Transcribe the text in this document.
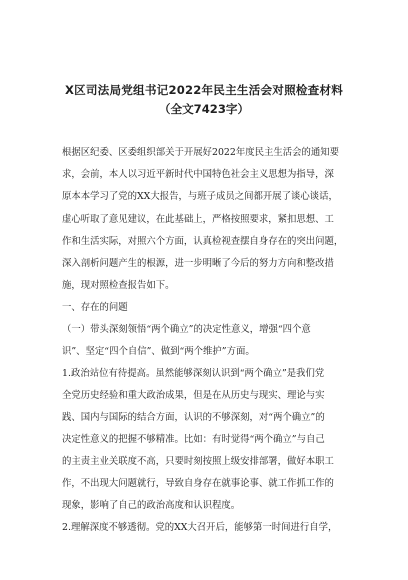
X区司法局党组书记2022年民主生活会对照检查材料
（全文7423字）
根据区纪委、区委组织部关于开展好2022年度民主生活会的通知要
求，会前，本人以习近平新时代中国特色社会主义思想为指导，深
原本本学习了党的XX大报告，与班子成员之间都开展了谈心谈话，
虚心听取了意见建议，在此基础上，严格按照要求，紧扣思想、工
作和生活实际，对照六个方面，认真检视查摆自身存在的突出问题，
深入剖析问题产生的根源，进一步明晰了今后的努力方向和整改措
施，现对照检查报告如下。
一、存在的问题
（一）带头深刻领悟“两个确立”的决定性意义，增强“四个意
识”、坚定“四个自信”、做到“两个维护”方面。
1.政治站位有待提高。虽然能够深刻认识到“两个确立”是我们党
全党历史经验和重大政治成果，但是在从历史与现实、理论与实
践、国内与国际的结合方面，认识的不够深刻，对“两个确立”的
决定性意义的把握不够精准。比如：有时觉得“两个确立”与自己
的主责主业关联度不高，只要时刻按照上级安排部署，做好本职工
作，不出现大问题就行，导致自身存在就事论事、就工作抓工作的
现象，影响了自己的政治高度和认识程度。
2.理解深度不够透彻。党的XX大召开后，能够第一时间进行自学，
